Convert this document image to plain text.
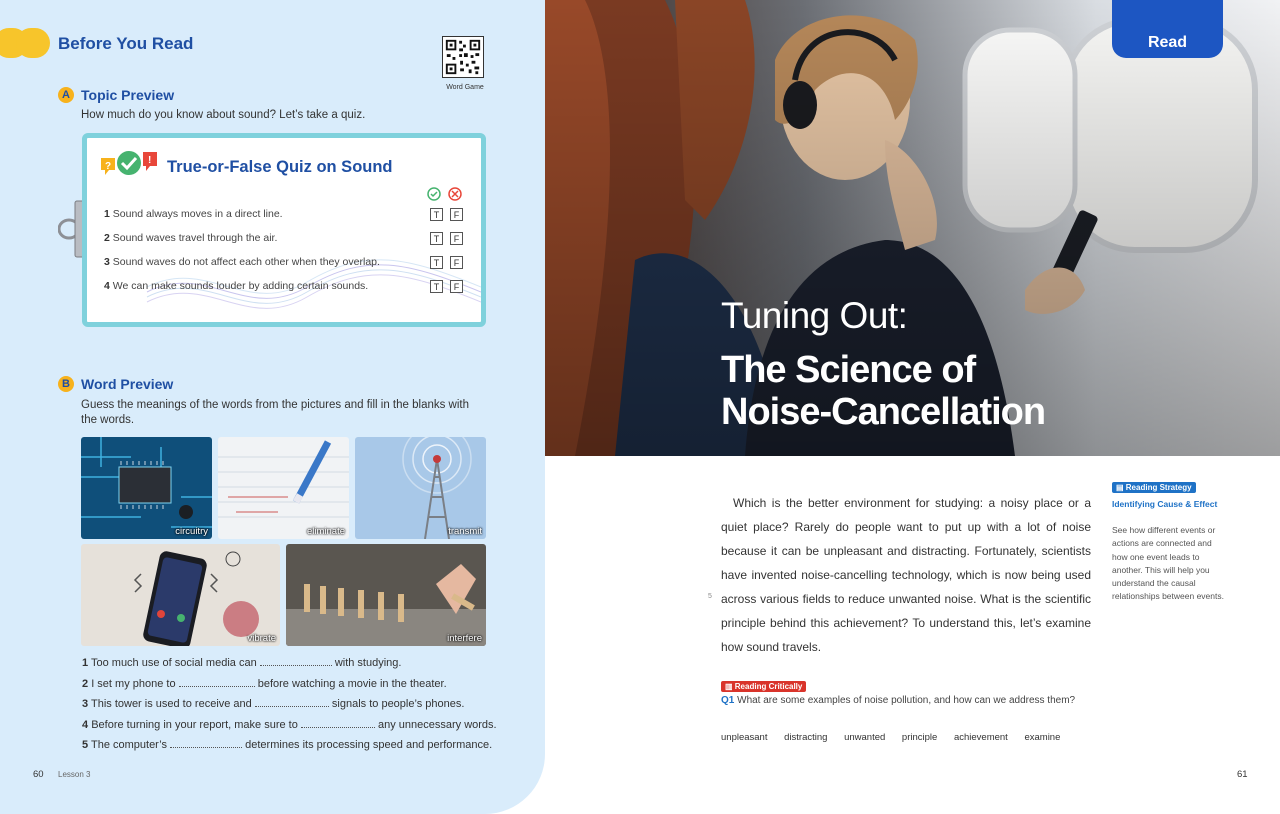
Before You Read
Word Game
A Topic Preview
How much do you know about sound? Let’s take a quiz.
?
! True-or-False Quiz on Sound
1 Sound always moves in a direct line.	T	F
2 Sound waves travel through the air.	T	F
3 Sound waves do not affect each other when they overlap.	T	F
4 We can make sounds louder by adding certain sounds.	T	F
B Word Preview
Guess the meanings of the words from the pictures and fill in the blanks with the words.
circuitry	eliminate	transmit
vibrate	interfere
1 Too much use of social media can	with studying.
2 I set my phone to	before watching a movie in the theater.
3 This tower is used to receive and	signals to people’s phones.
4 Before turning in your report, make sure to	any unnecessary words.
5 The computer’s	determines its processing speed and performance.
60 Lesson 3
Read
Tuning Out:
The Science of
Noise-Cancellation
Which is the better environment for studying: a noisy place or a quiet place? Rarely do people want to put up with a lot of noise because it can be unpleasant and distracting. Fortunately, scientists have invented noise-cancelling technology, which is now being used across various fields to reduce unwanted noise. What is the scientific principle behind this achievement? To understand this, let’s examine how sound travels.
5
▤ Reading Strategy
Identifying Cause & Effect
See how different events or actions are connected and how one event leads to another. This will help you understand the causal relationships between events.
▥ Reading Critically
Q1 What are some examples of noise pollution, and how can we address them?
unpleasant distracting unwanted principle achievement examine
61
